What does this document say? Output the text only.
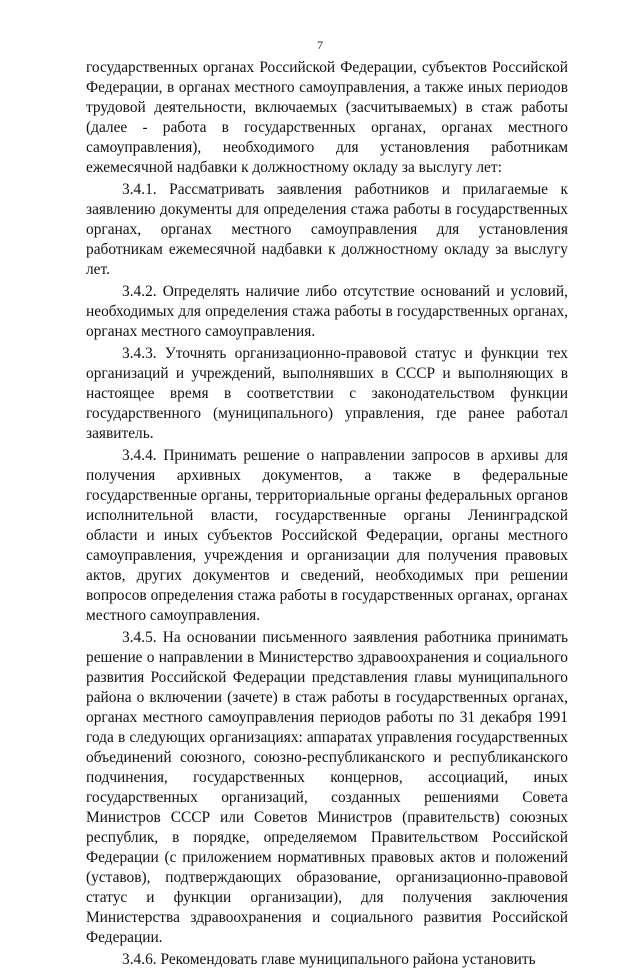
7

государственных органах Российской Федерации, субъектов Российской Федерации, в органах местного самоуправления, а также иных периодов трудовой деятельности, включаемых (засчитываемых) в стаж работы (далее - работа в государственных органах, органах местного самоуправления), необходимого для установления работникам ежемесячной надбавки к должностному окладу за выслугу лет:

3.4.1. Рассматривать заявления работников и прилагаемые к заявлению документы для определения стажа работы в государственных органах, органах местного самоуправления для установления работникам ежемесячной надбавки к должностному окладу за выслугу лет.

3.4.2. Определять наличие либо отсутствие оснований и условий, необходимых для определения стажа работы в государственных органах, органах местного самоуправления.

3.4.3. Уточнять организационно-правовой статус и функции тех организаций и учреждений, выполнявших в СССР и выполняющих в настоящее время в соответствии с законодательством функции государственного (муниципального) управления, где ранее работал заявитель.

3.4.4. Принимать решение о направлении запросов в архивы для получения архивных документов, а также в федеральные государственные органы, территориальные органы федеральных органов исполнительной власти, государственные органы Ленинградской области и иных субъектов Российской Федерации, органы местного самоуправления, учреждения и организации для получения правовых актов, других документов и сведений, необходимых при решении вопросов определения стажа работы в государственных органах, органах местного самоуправления.

3.4.5. На основании письменного заявления работника принимать решение о направлении в Министерство здравоохранения и социального развития Российской Федерации представления главы муниципального района о включении (зачете) в стаж работы в государственных органах, органах местного самоуправления периодов работы по 31 декабря 1991 года в следующих организациях: аппаратах управления государственных объединений союзного, союзно-республиканского и республиканского подчинения, государственных концернов, ассоциаций, иных государственных организаций, созданных решениями Совета Министров СССР или Советов Министров (правительств) союзных республик, в порядке, определяемом Правительством Российской Федерации (с приложением нормативных правовых актов и положений (уставов), подтверждающих образование, организационно-правовой статус и функции организации), для получения заключения Министерства здравоохранения и социального развития Российской Федерации.

3.4.6. Рекомендовать главе муниципального района установить
